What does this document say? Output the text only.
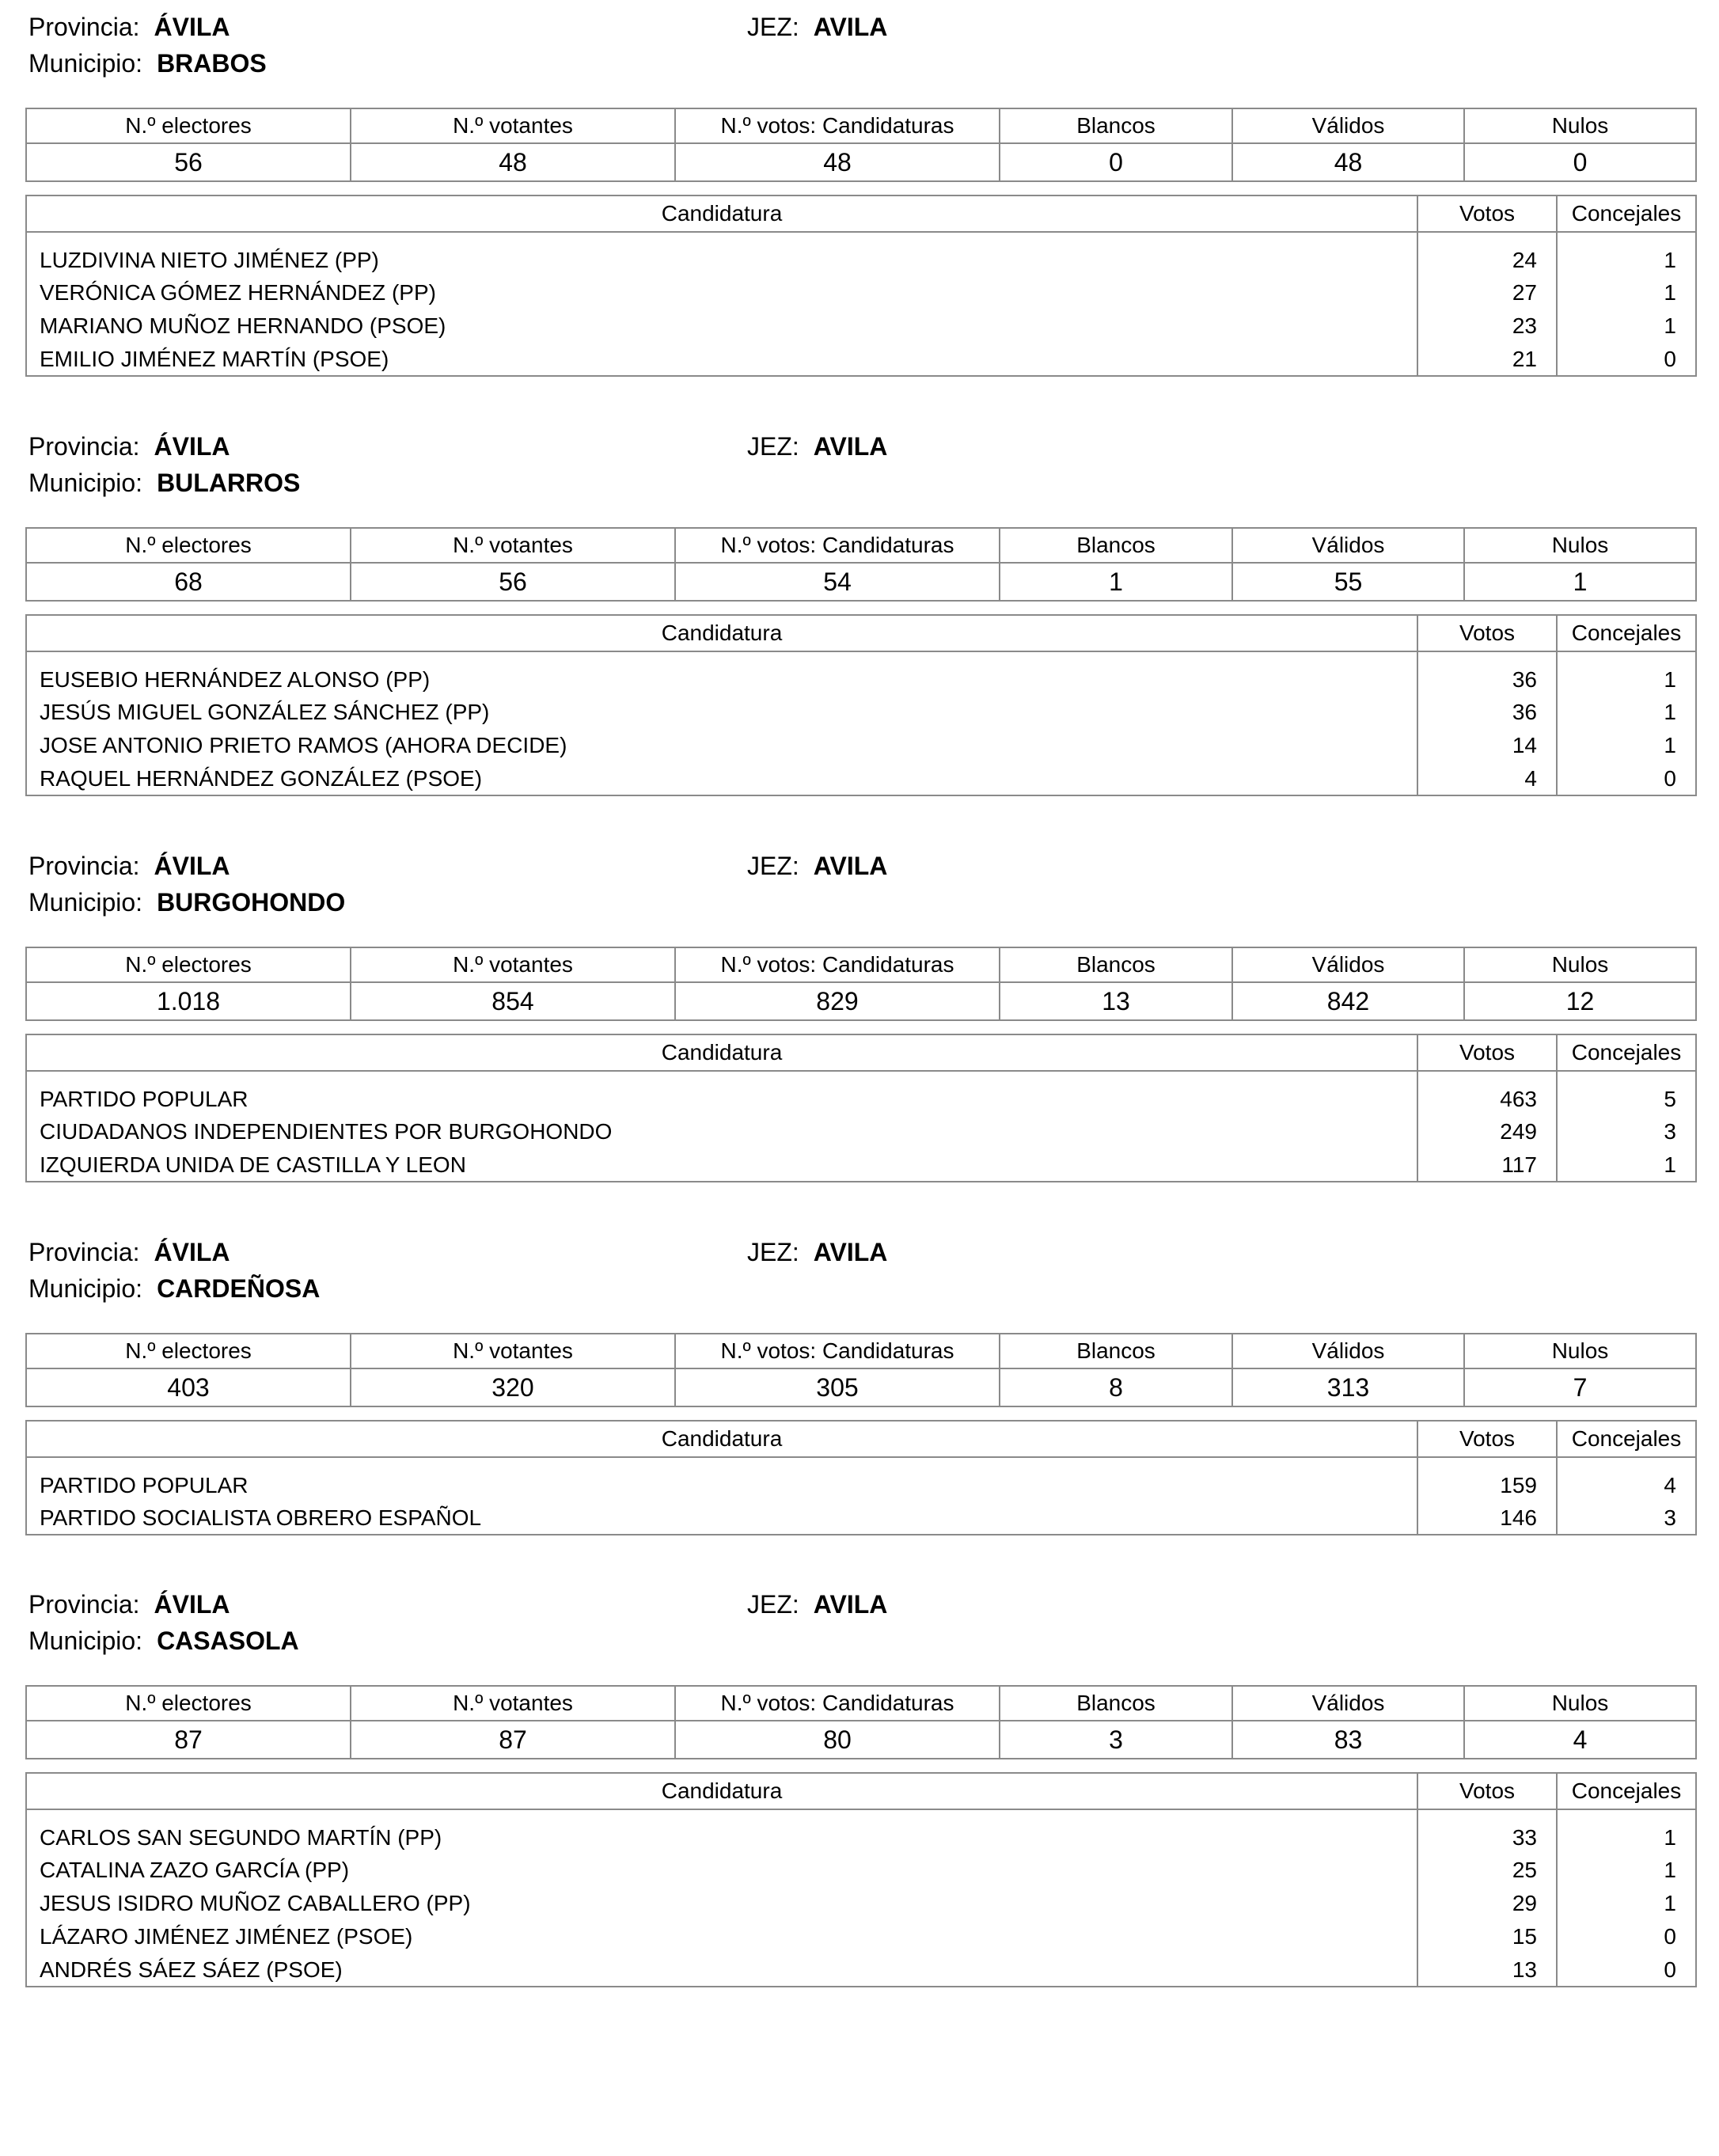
Provincia: ÁVILA	JEZ: AVILA
Municipio: BRABOS
N.º electores	N.º votantes	N.º votos: Candidaturas	Blancos	Válidos	Nulos
56	48	48	0	48	0
Candidatura	Votos	Concejales
LUZDIVINA NIETO JIMÉNEZ (PP)	24	1
VERÓNICA GÓMEZ HERNÁNDEZ (PP)	27	1
MARIANO MUÑOZ HERNANDO (PSOE)	23	1
EMILIO JIMÉNEZ MARTÍN (PSOE)	21	0
Provincia: ÁVILA	JEZ: AVILA
Municipio: BULARROS
N.º electores	N.º votantes	N.º votos: Candidaturas	Blancos	Válidos	Nulos
68	56	54	1	55	1
Candidatura	Votos	Concejales
EUSEBIO HERNÁNDEZ ALONSO (PP)	36	1
JESÚS MIGUEL GONZÁLEZ SÁNCHEZ (PP)	36	1
JOSE ANTONIO PRIETO RAMOS (AHORA DECIDE)	14	1
RAQUEL HERNÁNDEZ GONZÁLEZ (PSOE)	4	0
Provincia: ÁVILA	JEZ: AVILA
Municipio: BURGOHONDO
N.º electores	N.º votantes	N.º votos: Candidaturas	Blancos	Válidos	Nulos
1.018	854	829	13	842	12
Candidatura	Votos	Concejales
PARTIDO POPULAR	463	5
CIUDADANOS INDEPENDIENTES POR BURGOHONDO	249	3
IZQUIERDA UNIDA DE CASTILLA Y LEON	117	1
Provincia: ÁVILA	JEZ: AVILA
Municipio: CARDEÑOSA
N.º electores	N.º votantes	N.º votos: Candidaturas	Blancos	Válidos	Nulos
403	320	305	8	313	7
Candidatura	Votos	Concejales
PARTIDO POPULAR	159	4
PARTIDO SOCIALISTA OBRERO ESPAÑOL	146	3
Provincia: ÁVILA	JEZ: AVILA
Municipio: CASASOLA
N.º electores	N.º votantes	N.º votos: Candidaturas	Blancos	Válidos	Nulos
87	87	80	3	83	4
Candidatura	Votos	Concejales
CARLOS SAN SEGUNDO MARTÍN (PP)	33	1
CATALINA ZAZO GARCÍA (PP)	25	1
JESUS ISIDRO MUÑOZ CABALLERO (PP)	29	1
LÁZARO JIMÉNEZ JIMÉNEZ (PSOE)	15	0
ANDRÉS SÁEZ SÁEZ (PSOE)	13	0
